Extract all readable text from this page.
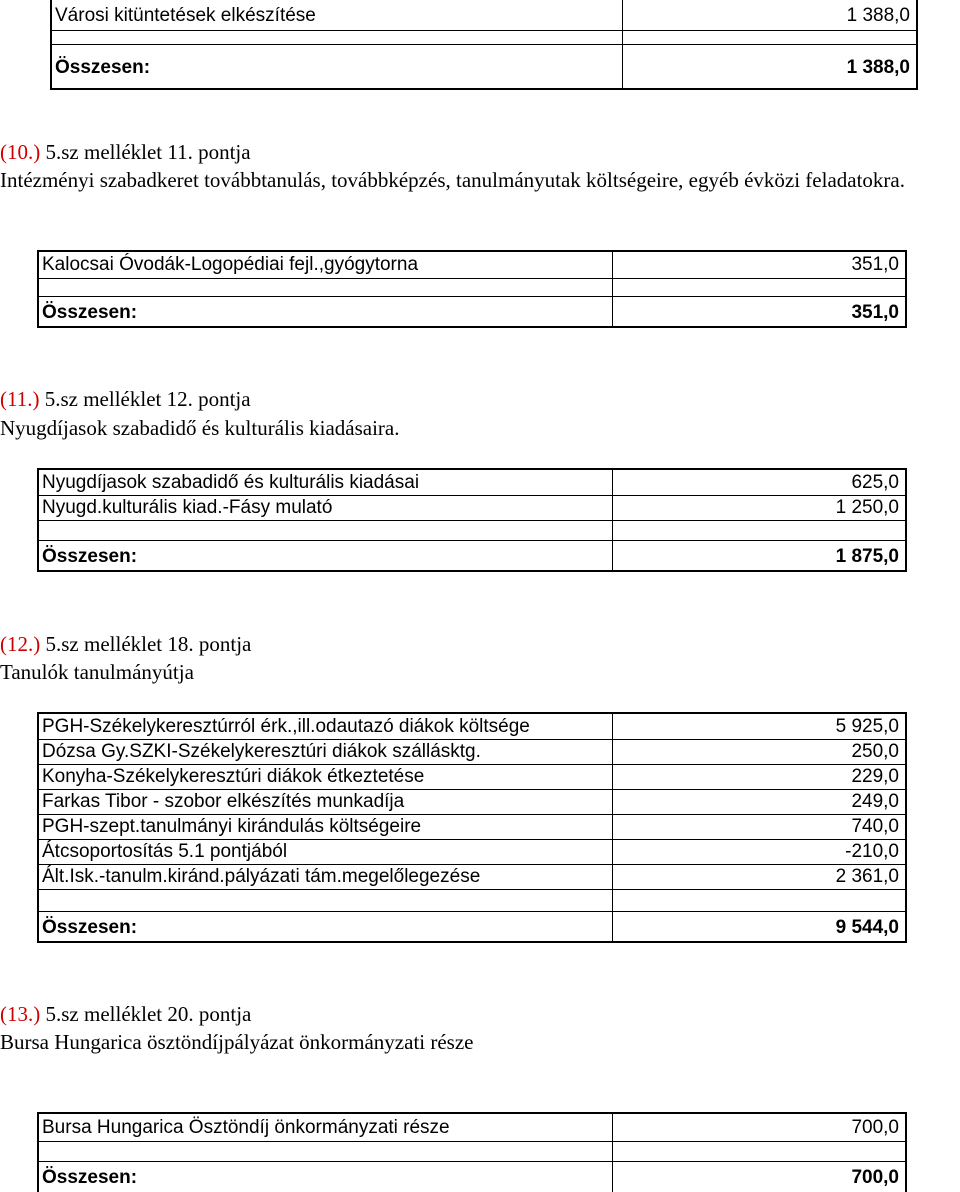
Városi kitüntetések elkészítése	1 388,0
Összesen:	1 388,0
(10.) 5.sz melléklet 11. pontja
Intézményi szabadkeret továbbtanulás, továbbképzés, tanulmányutak költségeire, egyéb évközi feladatokra.
Kalocsai Óvodák-Logopédiai fejl.,gyógytorna	351,0
Összesen:	351,0
(11.) 5.sz melléklet 12. pontja
Nyugdíjasok szabadidő és kulturális kiadásaira.
Nyugdíjasok szabadidő és kulturális kiadásai	625,0
Nyugd.kulturális kiad.-Fásy mulató	1 250,0
Összesen:	1 875,0
(12.) 5.sz melléklet 18. pontja
Tanulók tanulmányútja
PGH-Székelykeresztúrról érk.,ill.odautazó diákok költsége	5 925,0
Dózsa Gy.SZKI-Székelykeresztúri diákok szállásktg.	250,0
Konyha-Székelykeresztúri diákok étkeztetése	229,0
Farkas Tibor - szobor elkészítés munkadíja	249,0
PGH-szept.tanulmányi kirándulás költségeire	740,0
Átcsoportosítás 5.1 pontjából	-210,0
Ált.Isk.-tanulm.kiránd.pályázati tám.megelőlegezése	2 361,0
Összesen:	9 544,0
(13.) 5.sz melléklet 20. pontja
Bursa Hungarica ösztöndíjpályázat önkormányzati része
Bursa Hungarica Ösztöndíj önkormányzati része	700,0
Összesen:	700,0
